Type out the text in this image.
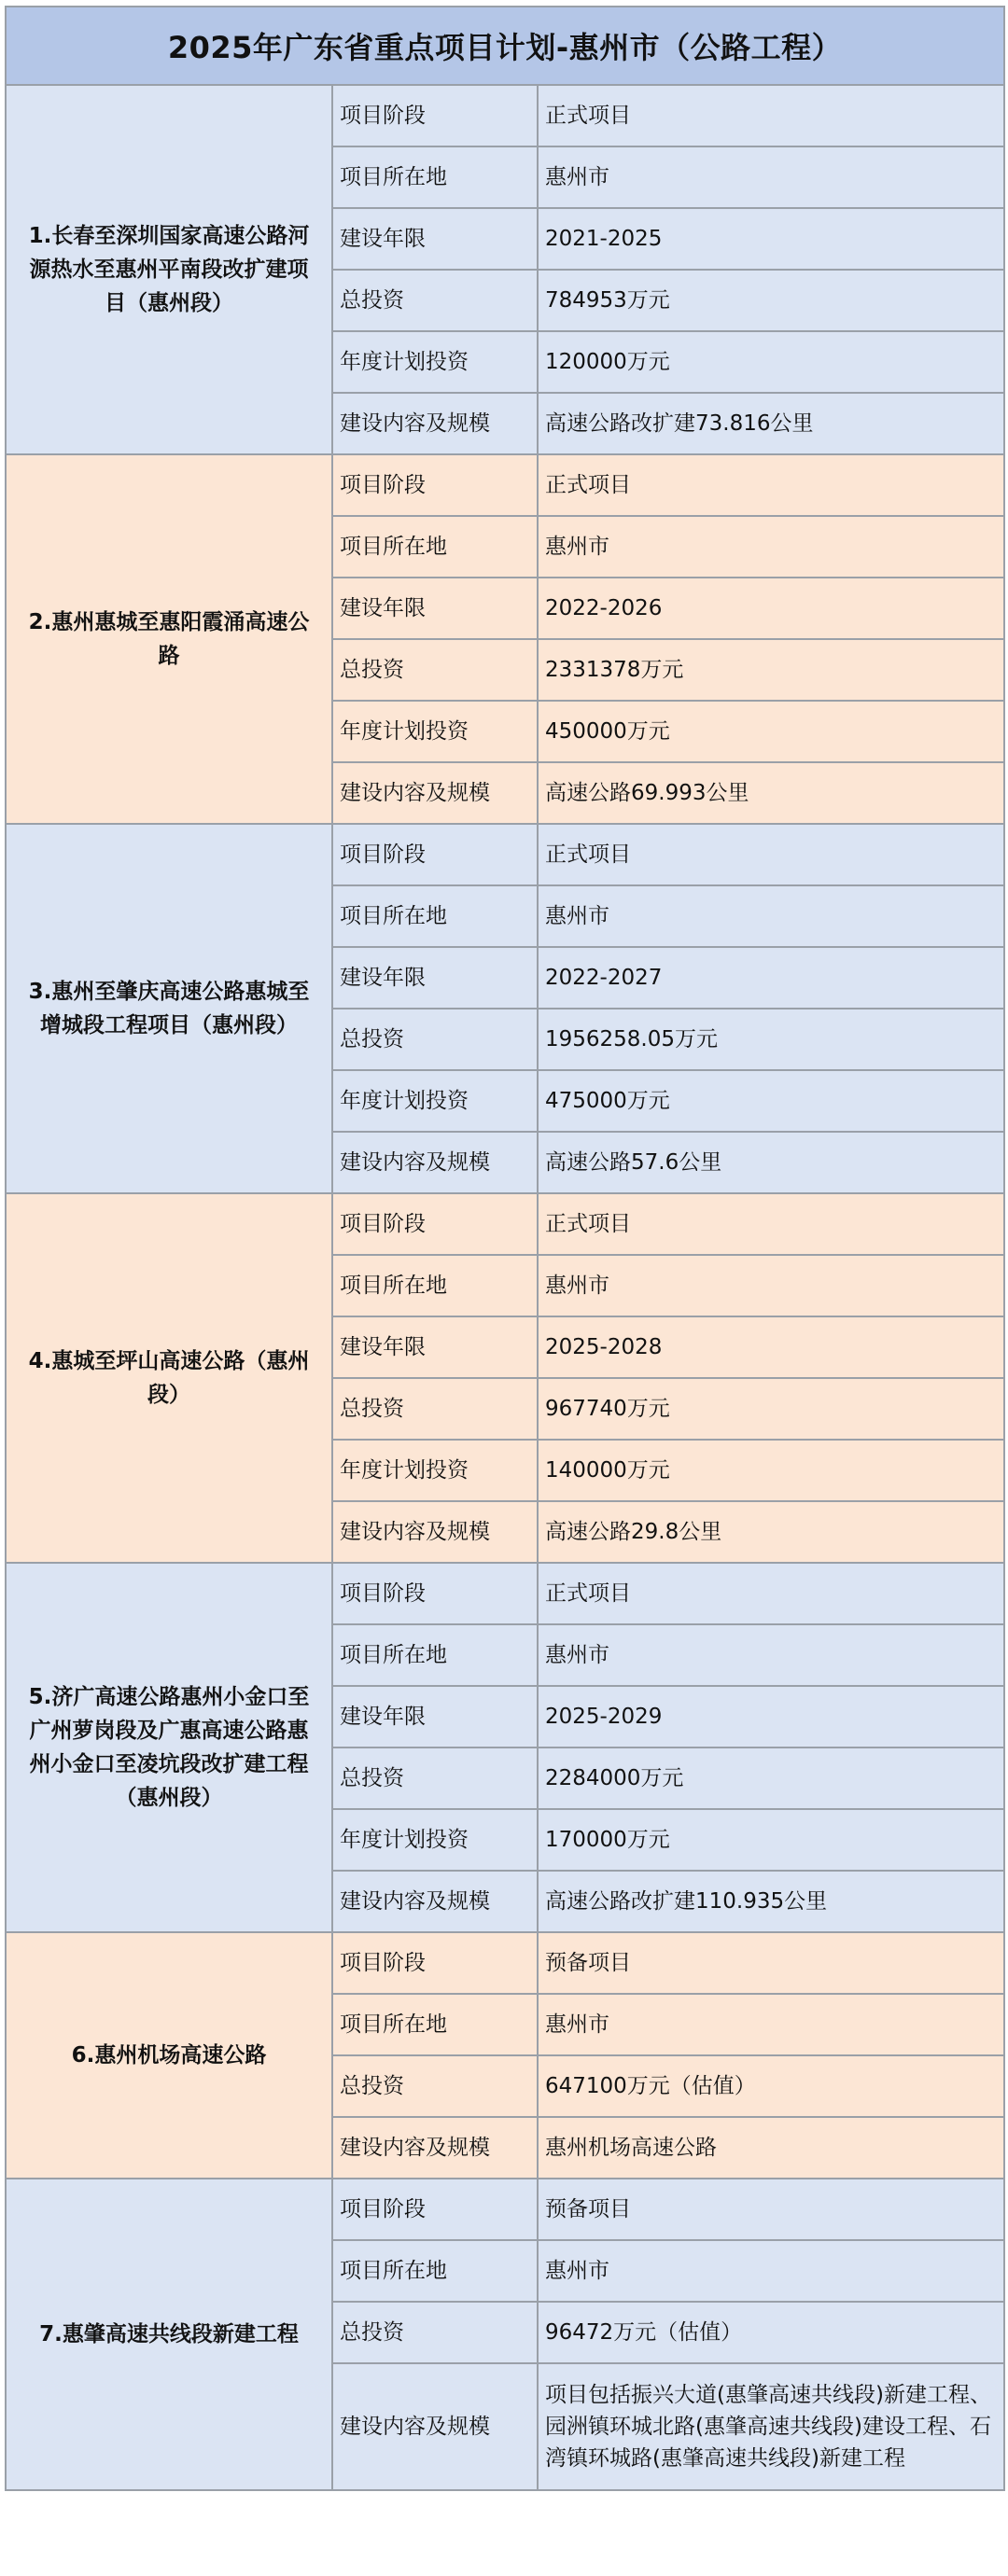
2025年广东省重点项目计划-惠州市（公路工程）		
1.长春至深圳国家高速公路河源热水至惠州平南段改扩建项目（惠州段）	项目阶段	正式项目
	项目所在地	惠州市
	建设年限	2021-2025
	总投资	784953万元
	年度计划投资	120000万元
	建设内容及规模	高速公路改扩建73.816公里
2.惠州惠城至惠阳霞涌高速公路	项目阶段	正式项目
	项目所在地	惠州市
	建设年限	2022-2026
	总投资	2331378万元
	年度计划投资	450000万元
	建设内容及规模	高速公路69.993公里
3.惠州至肇庆高速公路惠城至增城段工程项目（惠州段）	项目阶段	正式项目
	项目所在地	惠州市
	建设年限	2022-2027
	总投资	1956258.05万元
	年度计划投资	475000万元
	建设内容及规模	高速公路57.6公里
4.惠城至坪山高速公路（惠州段）	项目阶段	正式项目
	项目所在地	惠州市
	建设年限	2025-2028
	总投资	967740万元
	年度计划投资	140000万元
	建设内容及规模	高速公路29.8公里
5.济广高速公路惠州小金口至广州萝岗段及广惠高速公路惠州小金口至凌坑段改扩建工程（惠州段）	项目阶段	正式项目
	项目所在地	惠州市
	建设年限	2025-2029
	总投资	2284000万元
	年度计划投资	170000万元
	建设内容及规模	高速公路改扩建110.935公里
6.惠州机场高速公路	项目阶段	预备项目
	项目所在地	惠州市
	总投资	647100万元（估值）
	建设内容及规模	惠州机场高速公路
7.惠肇高速共线段新建工程	项目阶段	预备项目
	项目所在地	惠州市
	总投资	96472万元（估值）
	建设内容及规模	项目包括振兴大道(惠肇高速共线段)新建工程、园洲镇环城北路(惠肇高速共线段)建设工程、石湾镇环城路(惠肇高速共线段)新建工程
